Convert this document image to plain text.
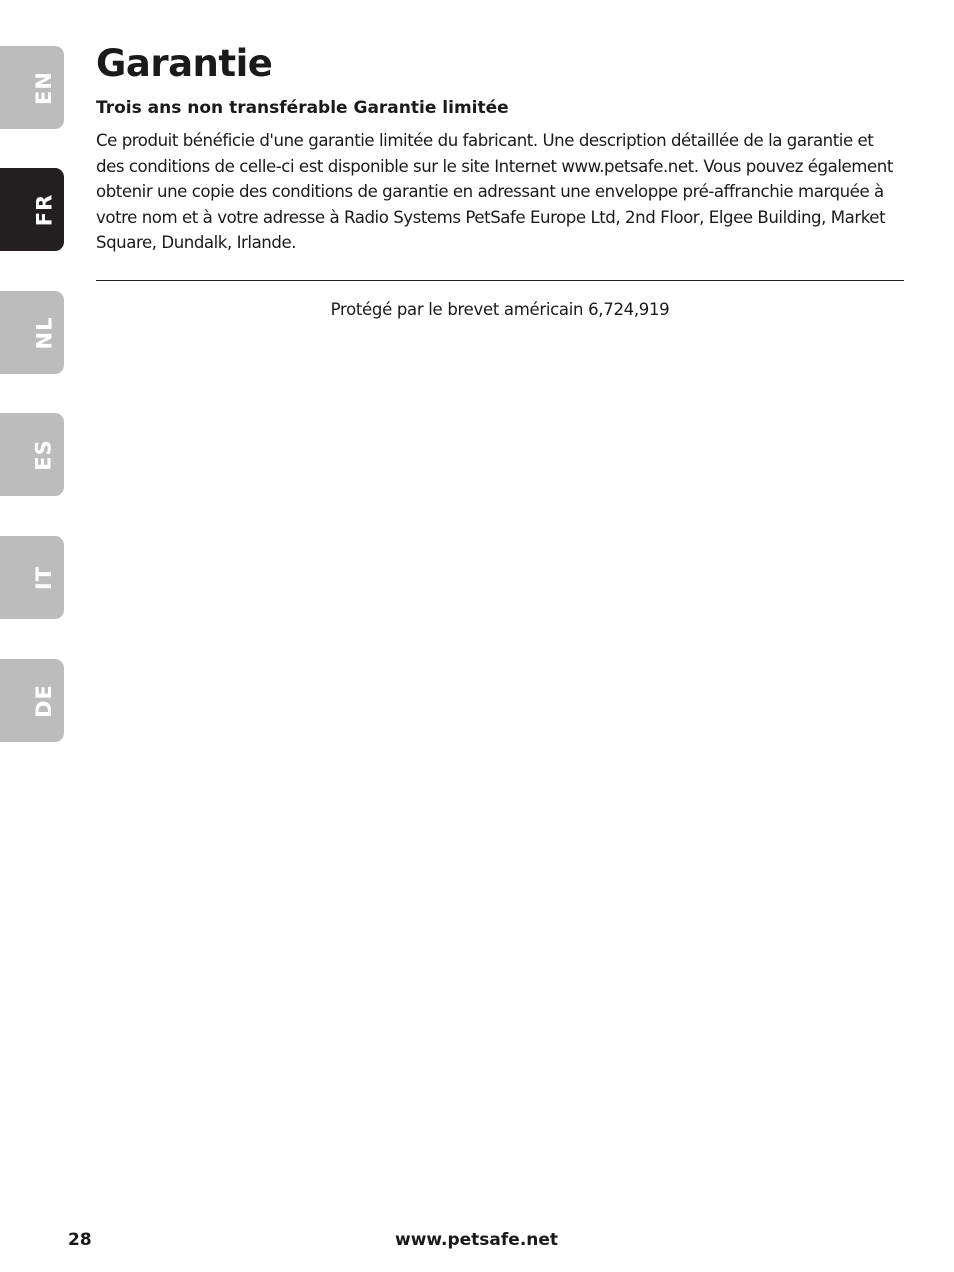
EN
FR
NL
ES
IT
DE
Garantie
Trois ans non transférable Garantie limitée

Ce produit bénéficie d'une garantie limitée du fabricant. Une description détaillée de la garantie et des conditions de celle-ci est disponible sur le site Internet www.petsafe.net. Vous pouvez également obtenir une copie des conditions de garantie en adressant une enveloppe pré-affranchie marquée à votre nom et à votre adresse à Radio Systems PetSafe Europe Ltd, 2nd Floor, Elgee Building, Market Square, Dundalk, Irlande.

Protégé par le brevet américain 6,724,919
28	www.petsafe.net
